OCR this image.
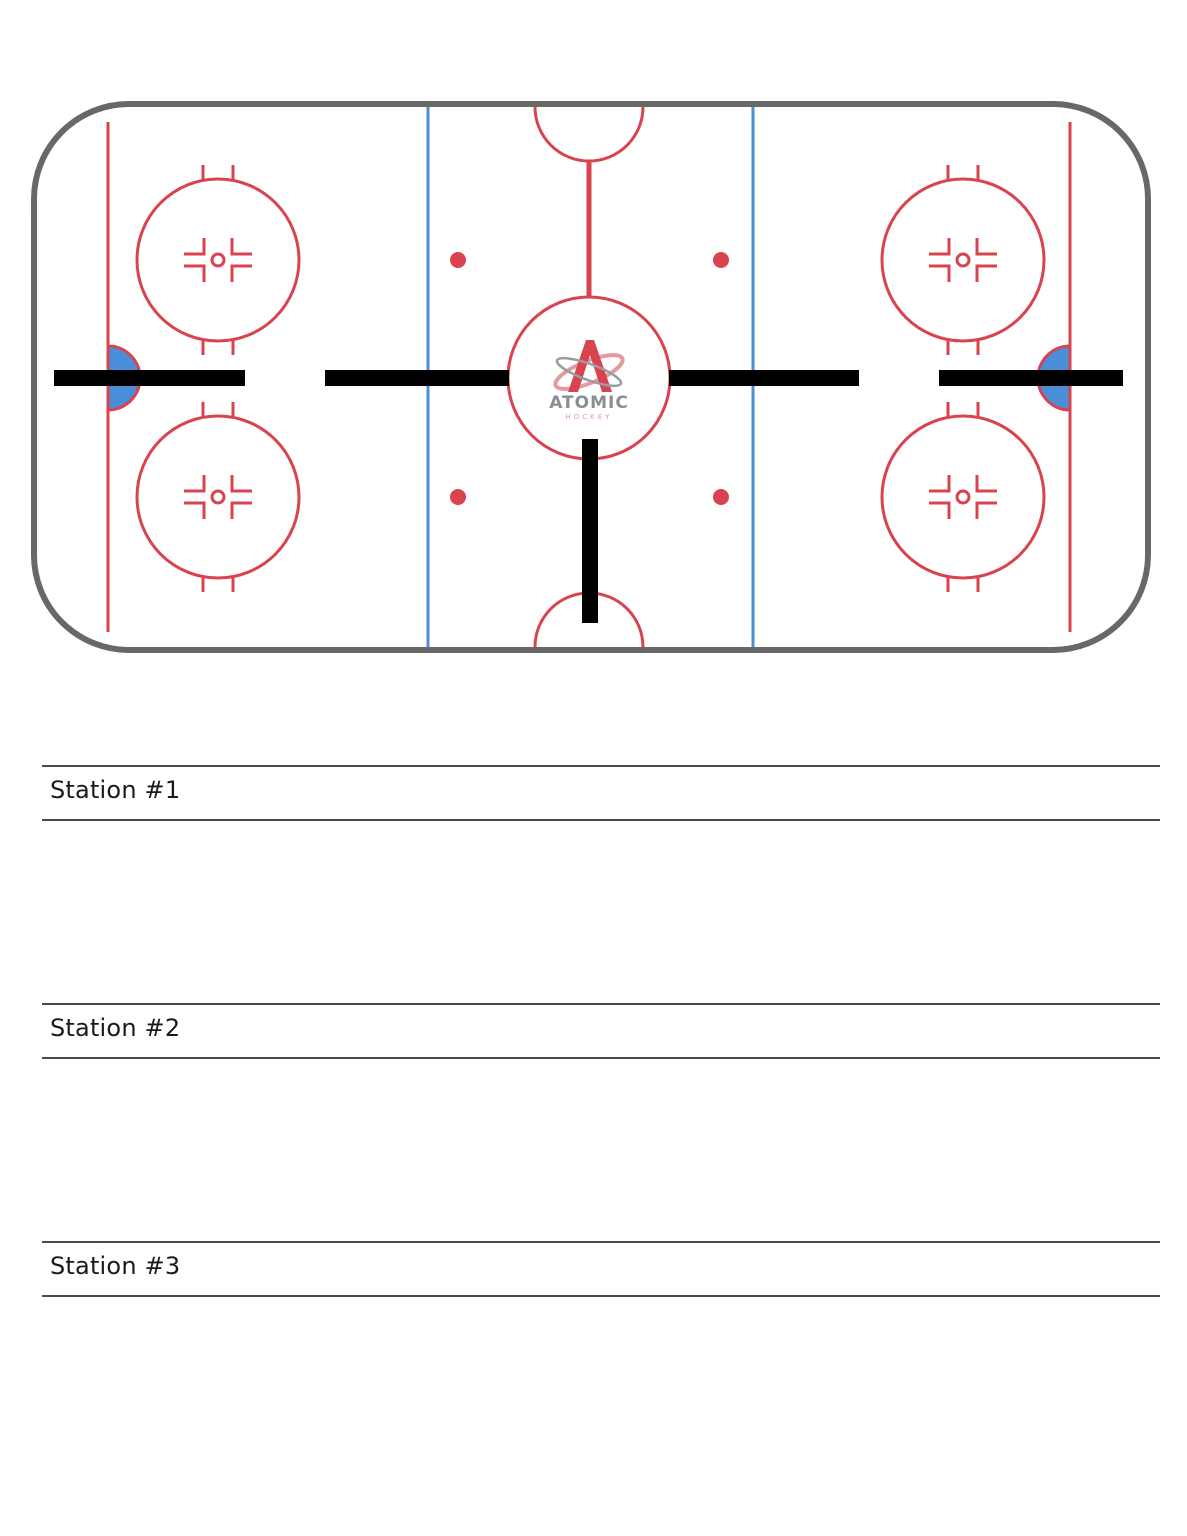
ATOMIC
HOCKEY
Station #1
Station #2
Station #3
